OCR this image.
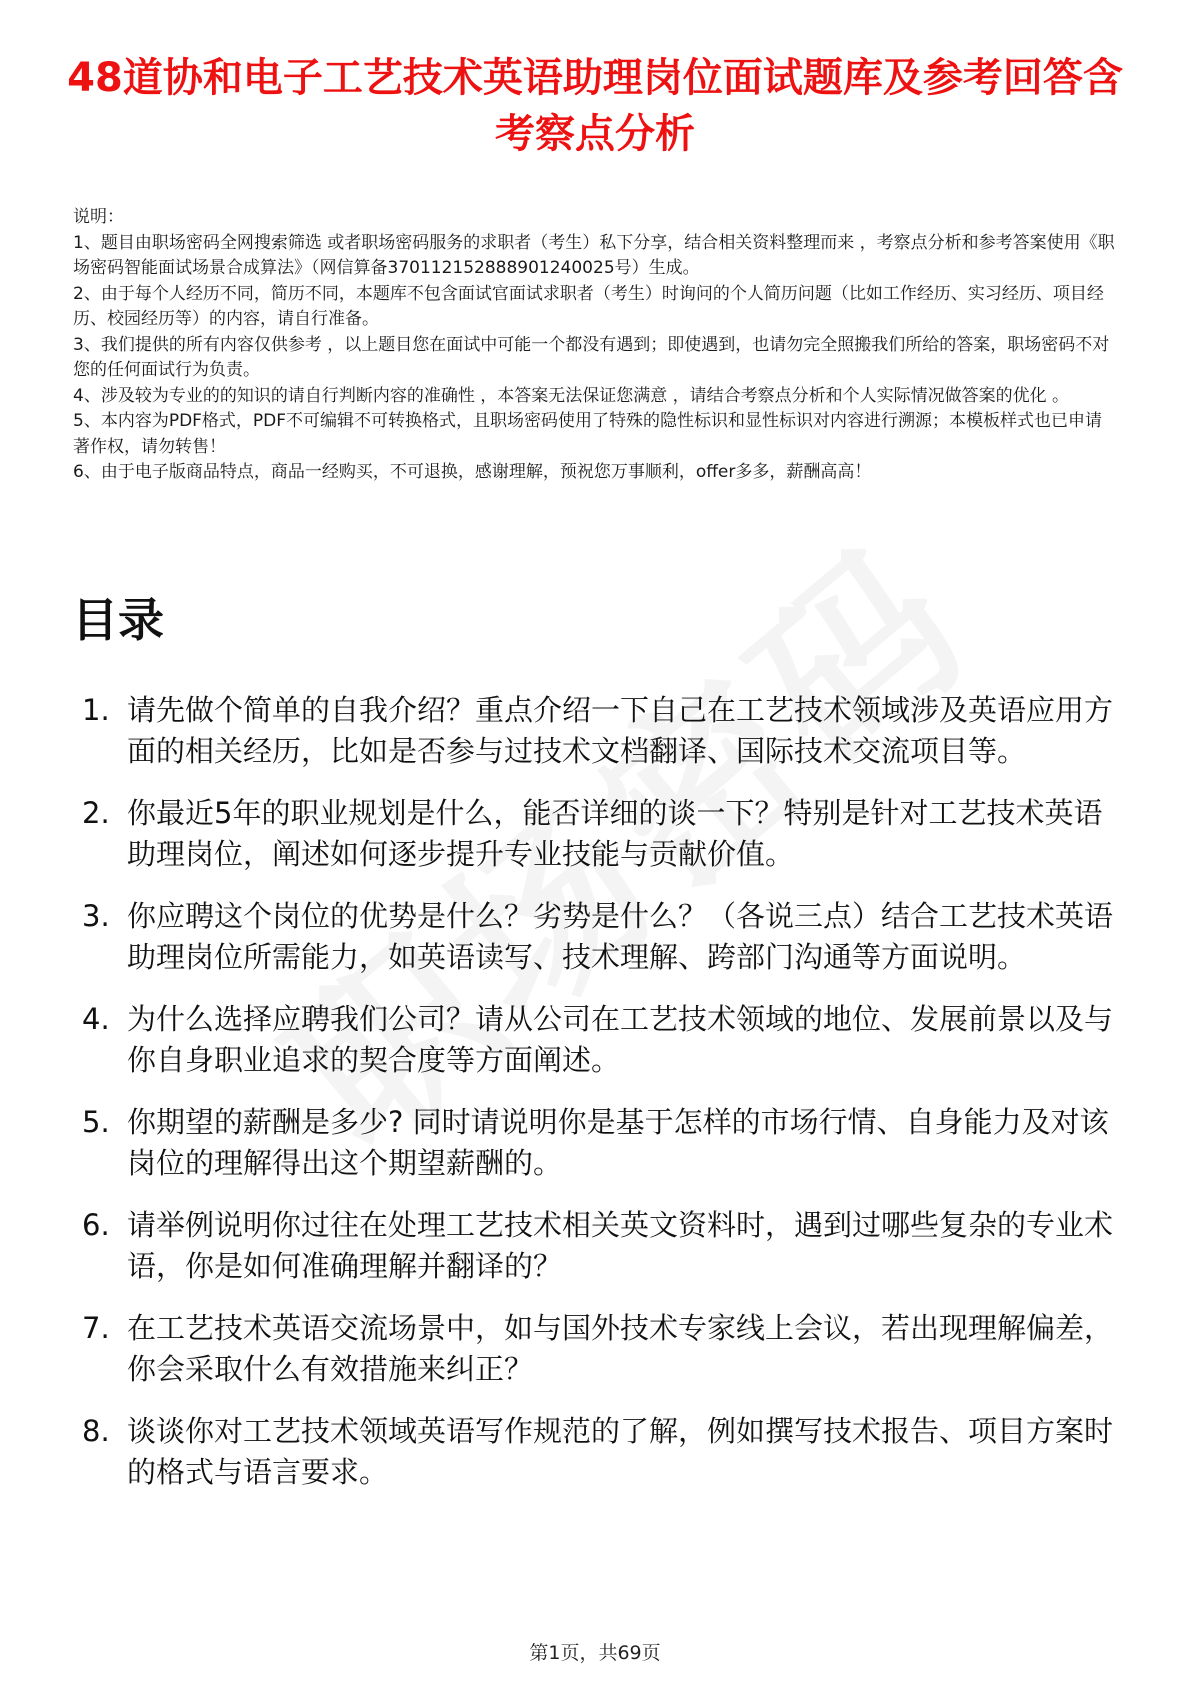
48道协和电子工艺技术英语助理岗位面试题库及参考回答含考察点分析

说明：

1、题目由职场密码全网搜索筛选 或者职场密码服务的求职者（考生）私下分享，结合相关资料整理而来 ，考察点分析和参考答案使用《职场密码智能面试场景合成算法》（网信算备370112152888901240025号）生成。

2、由于每个人经历不同，简历不同，本题库不包含面试官面试求职者（考生）时询问的个人简历问题（比如工作经历、实习经历、项目经历、校园经历等）的内容，请自行准备。

3、我们提供的所有内容仅供参考 ，以上题目您在面试中可能一个都没有遇到；即使遇到，也请勿完全照搬我们所给的答案，职场密码不对您的任何面试行为负责。

4、涉及较为专业的的知识的请自行判断内容的准确性 ，本答案无法保证您满意 ，请结合考察点分析和个人实际情况做答案的优化 。

5、本内容为PDF格式，PDF不可编辑不可转换格式，且职场密码使用了特殊的隐性标识和显性标识对内容进行溯源；本模板样式也已申请著作权，请勿转售！

6、由于电子版商品特点，商品一经购买，不可退换，感谢理解，预祝您万事顺利，offer多多，薪酬高高！

目录
1. 请先做个简单的自我介绍？重点介绍一下自己在工艺技术领域涉及英语应用方面的相关经历，比如是否参与过技术文档翻译、国际技术交流项目等。
2. 你最近5年的职业规划是什么，能否详细的谈一下？特别是针对工艺技术英语助理岗位，阐述如何逐步提升专业技能与贡献价值。
3. 你应聘这个岗位的优势是什么？劣势是什么？（各说三点）结合工艺技术英语助理岗位所需能力，如英语读写、技术理解、跨部门沟通等方面说明。
4. 为什么选择应聘我们公司？请从公司在工艺技术领域的地位、发展前景以及与你自身职业追求的契合度等方面阐述。
5. 你期望的薪酬是多少? 同时请说明你是基于怎样的市场行情、自身能力及对该岗位的理解得出这个期望薪酬的。
6. 请举例说明你过往在处理工艺技术相关英文资料时，遇到过哪些复杂的专业术语，你是如何准确理解并翻译的？
7. 在工艺技术英语交流场景中，如与国外技术专家线上会议，若出现理解偏差，你会采取什么有效措施来纠正？
8. 谈谈你对工艺技术领域英语写作规范的了解，例如撰写技术报告、项目方案时的格式与语言要求。
第1页，共69页
